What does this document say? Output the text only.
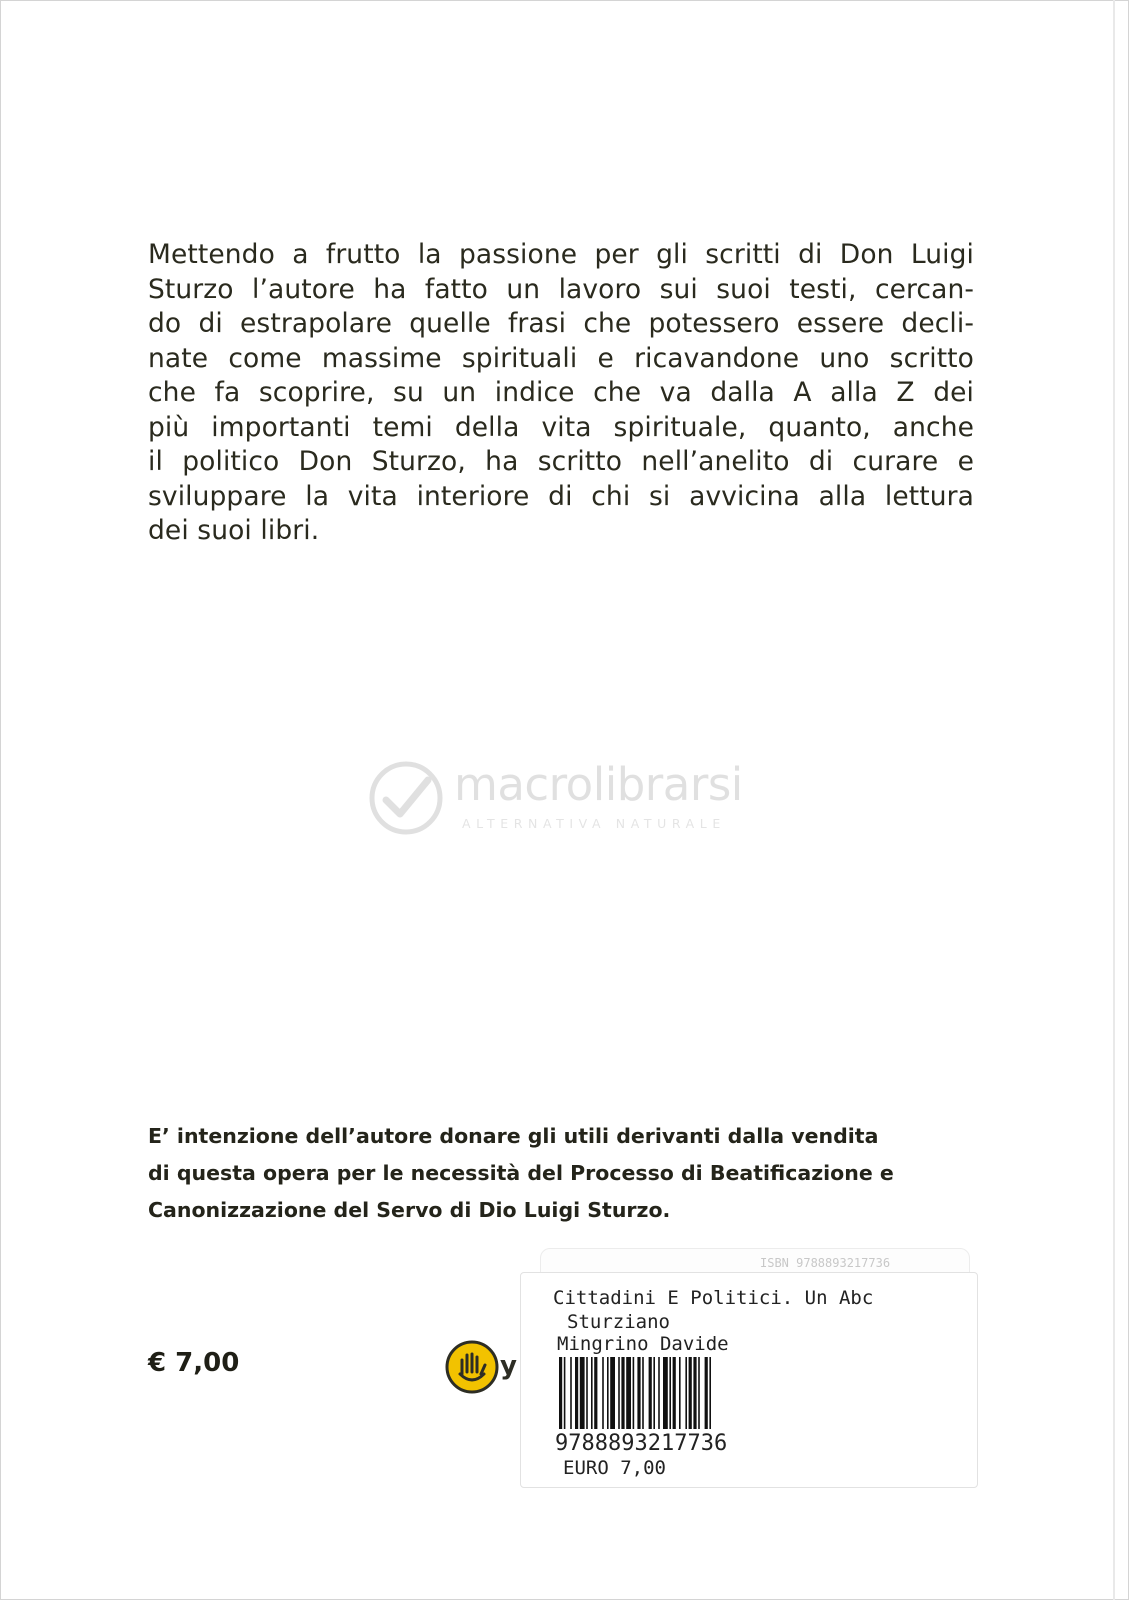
Mettendo a frutto la passione per gli scritti di Don Luigi
Sturzo l’autore ha fatto un lavoro sui suoi testi, cercan-
do di estrapolare quelle frasi che potessero essere decli-
nate come massime spirituali e ricavandone uno scritto
che fa scoprire, su un indice che va dalla A alla Z dei
più importanti temi della vita spirituale, quanto, anche
il politico Don Sturzo, ha scritto nell’anelito di curare e
sviluppare la vita interiore di chi si avvicina alla lettura
dei suoi libri.
macrolibrarsi
ALTERNATIVA NATURALE
E’ intenzione dell’autore donare gli utili derivanti dalla vendita
di questa opera per le necessità del Processo di Beatificazione e
Canonizzazione del Servo di Dio Luigi Sturzo.
€ 7,00	y
ISBN 9788893217736
Cittadini E Politici. Un Abc
Sturziano
Mingrino Davide
9788893217736
EURO 7,00
